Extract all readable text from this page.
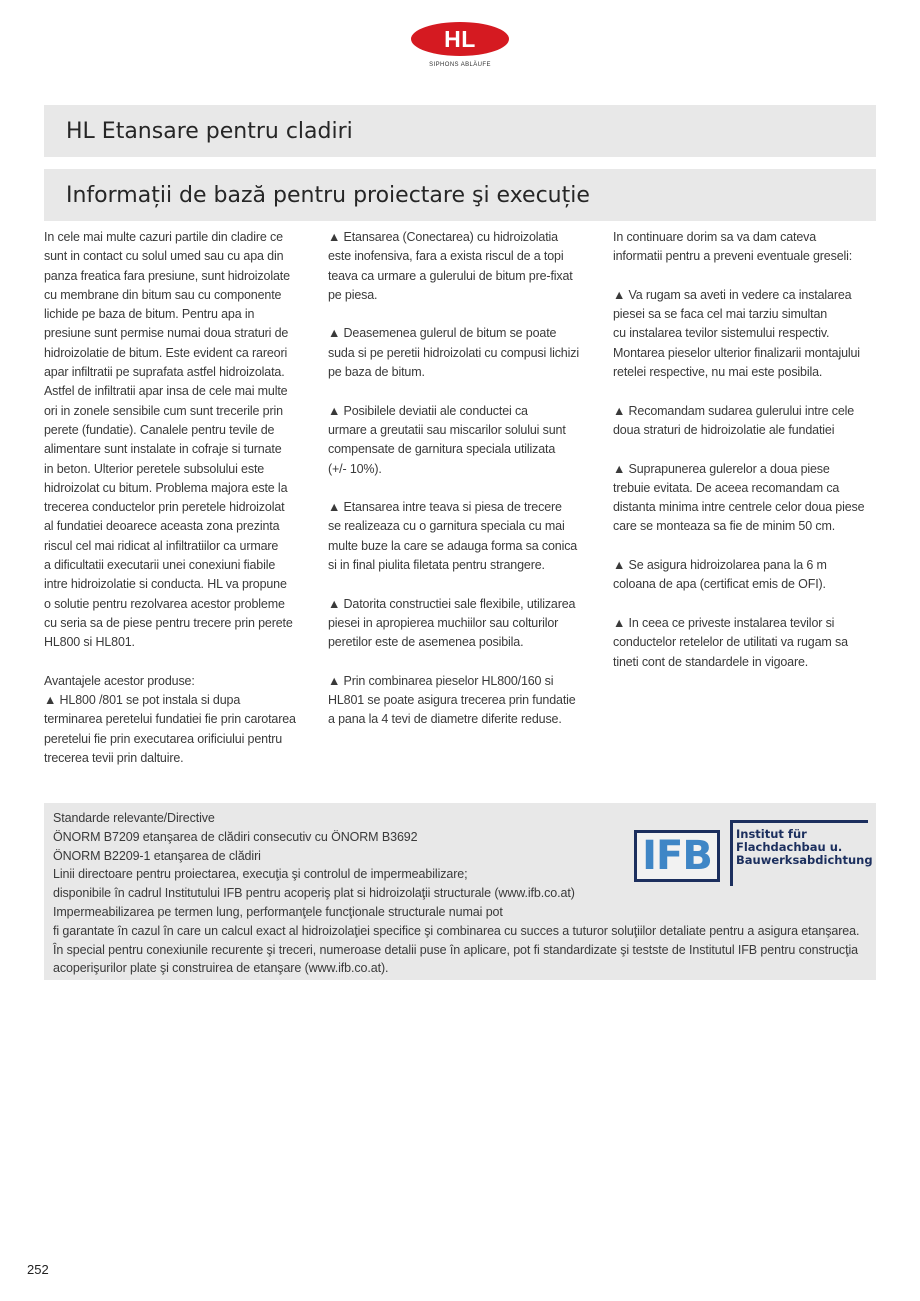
HL
SIPHONS ABLÄUFE
HL Etansare pentru cladiri
Informații de bază pentru proiectare şi execuție

In cele mai multe cazuri partile din cladire ce
sunt in contact cu solul umed sau cu apa din
panza freatica fara presiune, sunt hidroizolate
cu membrane din bitum sau cu componente
lichide pe baza de bitum. Pentru apa in
presiune sunt permise numai doua straturi de
hidroizolatie de bitum. Este evident ca rareori
apar infiltratii pe suprafata astfel hidroizolata.
Astfel de infiltratii apar insa de cele mai multe
ori in zonele sensibile cum sunt trecerile prin
perete (fundatie). Canalele pentru tevile de
alimentare sunt instalate in cofraje si turnate
in beton. Ulterior peretele subsolului este
hidroizolat cu bitum. Problema majora este la
trecerea conductelor prin peretele hidroizolat
al fundatiei deoarece aceasta zona prezinta
riscul cel mai ridicat al infiltratiilor ca urmare
a dificultatii executarii unei conexiuni fiabile
intre hidroizolatie si conducta. HL va propune
o solutie pentru rezolvarea acestor probleme
cu seria sa de piese pentru trecere prin perete
HL800 si HL801.

Avantajele acestor produse:
▲ HL800 /801 se pot instala si dupa
terminarea peretelui fundatiei fie prin carotarea
peretelui fie prin executarea orificiului pentru
trecerea tevii prin daltuire.

▲ Etansarea (Conectarea) cu hidroizolatia
este inofensiva, fara a exista riscul de a topi
teava ca urmare a gulerului de bitum pre-fixat
pe piesa.

▲ Deasemenea gulerul de bitum se poate
suda si pe peretii hidroizolati cu compusi lichizi
pe baza de bitum.

▲ Posibilele deviatii ale conductei ca
urmare a greutatii sau miscarilor solului sunt
compensate de garnitura speciala utilizata
(+/- 10%).

▲ Etansarea intre teava si piesa de trecere
se realizeaza cu o garnitura speciala cu mai
multe buze la care se adauga forma sa conica
si in final piulita filetata pentru strangere.

▲ Datorita constructiei sale flexibile, utilizarea
piesei in apropierea muchiilor sau colturilor
peretilor este de asemenea posibila.

▲ Prin combinarea pieselor HL800/160 si
HL801 se poate asigura trecerea prin fundatie
a pana la 4 tevi de diametre diferite reduse.

In continuare dorim sa va dam cateva
informatii pentru a preveni eventuale greseli:

▲ Va rugam sa aveti in vedere ca instalarea
piesei sa se faca cel mai tarziu simultan
cu instalarea tevilor sistemului respectiv.
Montarea pieselor ulterior finalizarii montajului
retelei respective, nu mai este posibila.

▲ Recomandam sudarea gulerului intre cele
doua straturi de hidroizolatie ale fundatiei

▲ Suprapunerea gulerelor a doua piese
trebuie evitata. De aceea recomandam ca
distanta minima intre centrele celor doua piese
care se monteaza sa fie de minim 50 cm.

▲ Se asigura hidroizolarea pana la 6 m
coloana de apa (certificat emis de OFI).

▲ In ceea ce priveste instalarea tevilor si
conductelor retelelor de utilitati va rugam sa
tineti cont de standardele in vigoare.

Standarde relevante/Directive
ÖNORM B7209 etanşarea de clădiri consecutiv cu ÖNORM B3692
ÖNORM B2209-1 etanşarea de clădiri
Linii directoare pentru proiectarea, execuţia şi controlul de impermeabilizare;
disponibile în cadrul Institutului IFB pentru acoperiş plat si hidroizolaţii structurale (www.ifb.co.at)
Impermeabilizarea pe termen lung, performanţele funcţionale structurale numai pot
fi garantate în cazul în care un calcul exact al hidroizolaţiei specifice şi combinarea cu succes a tuturor soluţiilor detaliate pentru a asigura etanşarea. În special pentru conexiunile recurente şi treceri, numeroase detalii puse în aplicare, pot fi standardizate şi testste de Institutul IFB pentru construcţia acoperişurilor plate şi construirea de etanşare (www.ifb.co.at).
IFB Institut für
Flachdachbau u.
Bauwerksabdichtung
252
